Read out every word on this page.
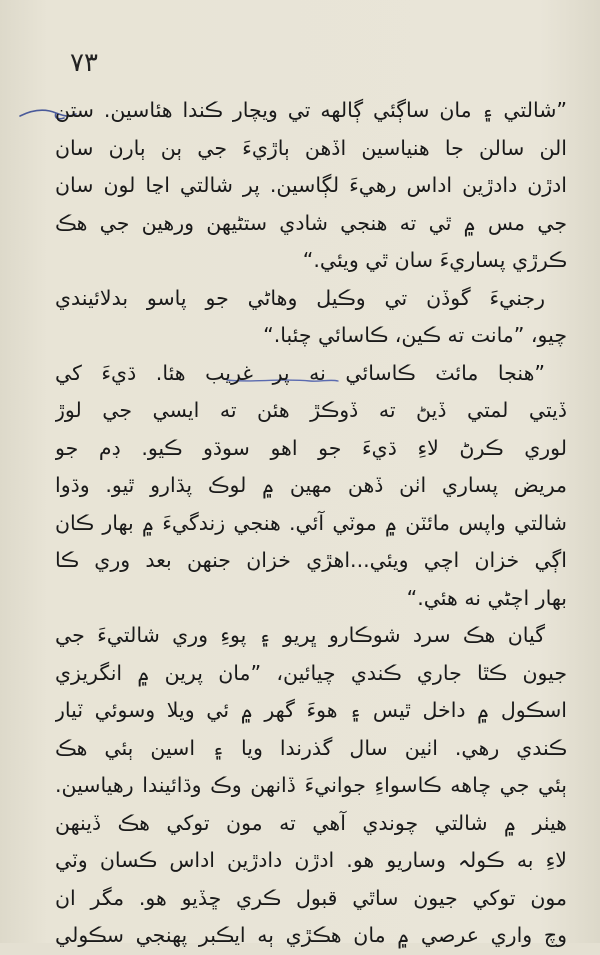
٧٣
”شالتي ۽ مان ساڳئي ڳالهه تي ويچار ڪندا هئاسين. ستن
الن سالن جا هنياسين اڏهن ٻاڙيءَ جي ٻن ٻارن سان
ادڙن دادڙين اداس رهيءَ لڳاسين. پر شالتي اڃا لون سان
جي مس ۾ ٿي ته هنجي شادي ستڻيهن ورهين جي هڪ
ڪرڙي پساريءَ سان ٿي ويئي.“
رجنيءَ گوڏن تي وڪيل وهاڻي جو پاسو بدلائيندي
چيو، ”مانت ته ڪين، ڪاسائي چئبا.“
”هنجا مائٽ ڪاسائي نه پر غريب هئا. ڌيءَ کي
ڏيتي لمتي ڏيڻ ته ڏوڪڙ هئن ته ايسي جي لوڙ
لوري ڪرڻ لاءِ ڌيءَ جو اهو سوڌو ڪيو. ڊم جو
مريض پساري اٺن ڏهن مهين ۾ لوڪ پڌارو ٿيو. وڌوا
شالتي واپس مائٽن ۾ موٽي آئي. هنجي زندگيءَ ۾ بهار ڪان
اڳي خزان اچي ويئي...اهڙي خزان جنهن بعد وري ڪا
بهار اچڻي نه هئي.“
گيان هڪ سرد شوڪارو ڀريو ۽ پوءِ وري شالتيءَ جي
جيون ڪٿا جاري ڪندي چيائين، ”مان پرين ۾ انگريزي
اسڪول ۾ داخل ٿيس ۽ هوءَ گهر ۾ ئي ويلا وسوئي ٽيار
ڪندي رهي. اٺين سال گذرندا ويا ۽ اسين ٻئي هڪ
ٻئي جي چاهه ڪاسواءِ جوانيءَ ڏانهن وڪ وڌائيندا رهياسين.
هيٺر ۾ شالتي چوندي آهي ته مون توکي هڪ ڏينهن
لاءِ به ڪولہ وساريو هو. ادڙن دادڙين اداس ڪسان وٽي
مون توکي جيون ساٿي قبول ڪري ڇڏيو هو. مگر ان
وچ واري عرصي ۾ مان هڪڙي ٻه ايڪبر پهنجي سڪولي
